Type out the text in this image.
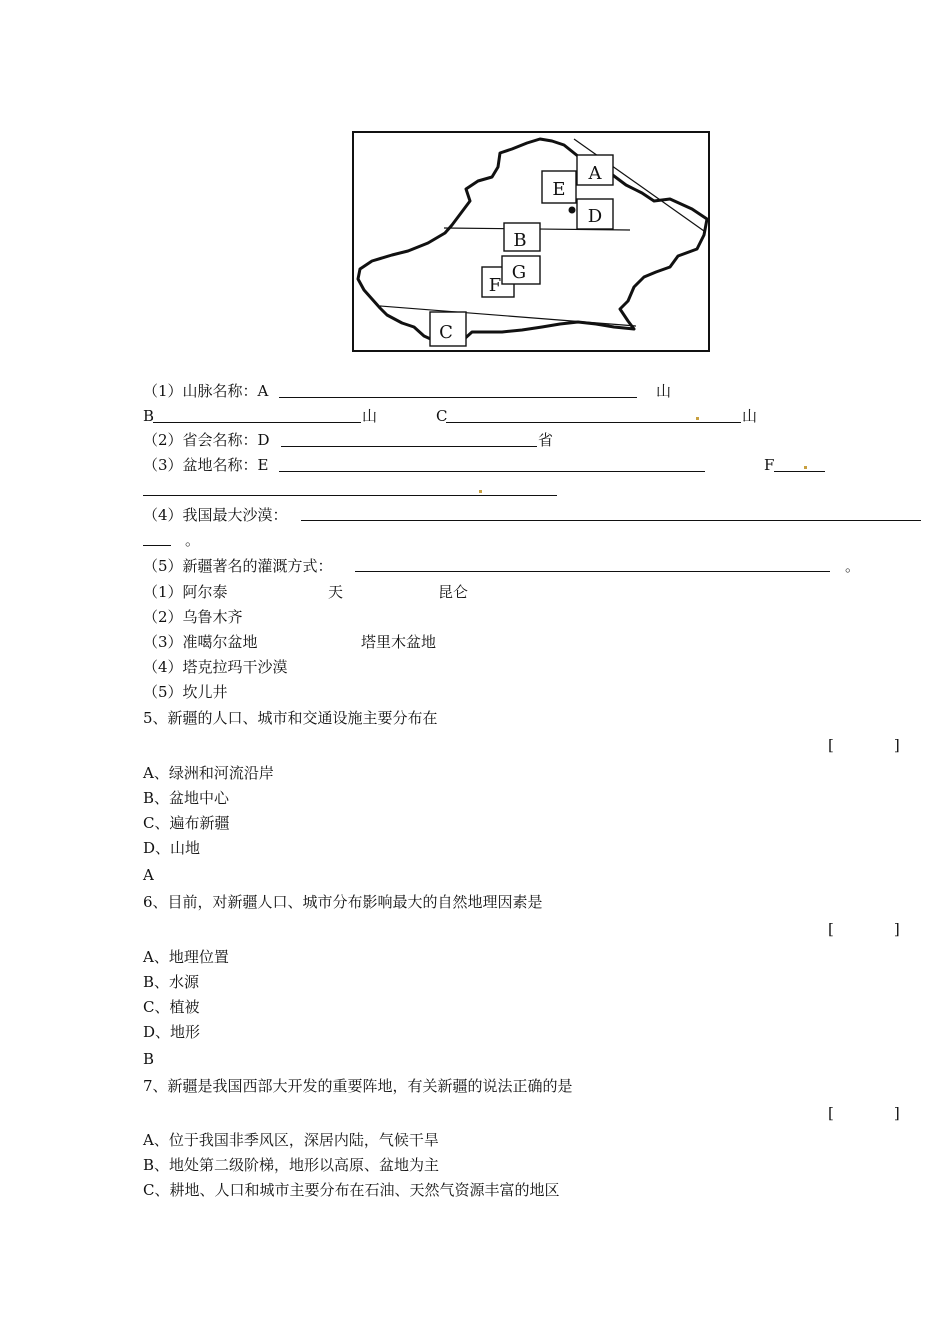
A
E
D
B
F
G
C
（1）山脉名称：A	山
B	山	C	山
（2）省会名称：D	省
（3）盆地名称：E	F
（4）我国最大沙漠：
。
（5）新疆著名的灌溉方式：	。
（1）阿尔泰	天	昆仑
（2）乌鲁木齐
（3）准噶尔盆地	塔里木盆地
（4）塔克拉玛干沙漠
（5）坎儿井
5、新疆的人口、城市和交通设施主要分布在
[　　　　]
A、绿洲和河流沿岸
B、盆地中心
C、遍布新疆
D、山地
A
6、目前，对新疆人口、城市分布影响最大的自然地理因素是
[　　　　]
A、地理位置
B、水源
C、植被
D、地形
B
7、新疆是我国西部大开发的重要阵地，有关新疆的说法正确的是
[　　　　]
A、位于我国非季风区，深居内陆，气候干旱
B、地处第二级阶梯，地形以高原、盆地为主
C、耕地、人口和城市主要分布在石油、天然气资源丰富的地区
